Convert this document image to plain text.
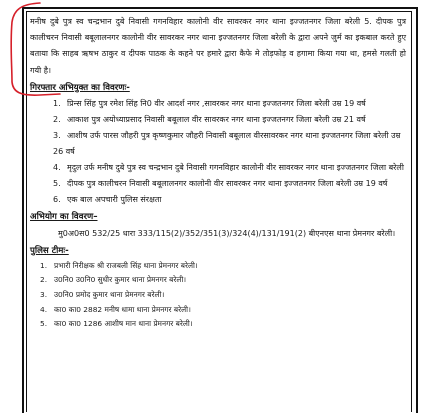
मनीष दुबे पुत्र स्व चन्द्रभान दुबे निवासी गगनविहार कालोनी वीर सावरकर नगर थाना इज्जतनगर जिला बरेली 5. दीपक पुत्र कालीचरन निवासी बबूलालनगर कालोनी वीर सावरकर नगर थाना इज्जतनगर जिला बरेली के द्वारा अपने जुर्म का इकबाल करते हुए बताया कि साहब ऋषभ ठाकुर व दीपक पाठक के कहने पर हमारे द्वारा कैफे मे तोड़फोड़ व हगामा किया गया था, हमसे गलती हो गयी है।

गिरफ्तार अभियुक्त का विवरणः-
1. प्रिन्स सिंह पुत्र रमेश सिंह नि0 वीर आदर्श नगर ,सावरकर नगर थाना इज्जतनगर जिला बरेली उम्र 19 वर्ष
2. आकाश पुत्र अयोध्याप्रसाद निवासी बबूलाल वीर सावरकर नगर थाना इज्जतनगर जिला बरेली उम्र 21 वर्ष
3. आशीष उर्फ पारस जौहरी पुत्र कृष्णकुमार जौहरी निवासी बबूलाल वीरसावरकर नगर थाना इज्जतनगर जिला बरेली उम्र 26 वर्ष
4. मृदुल उर्फ मनीष दुबे पुत्र स्व चन्द्रभान दुबे निवासी गगनविहार कालोनी वीर सावरकर नगर थाना इज्जतनगर जिला बरेली
5. दीपक पुत्र कालीचरन निवासी बबूलालनगर कालोनी वीर सावरकर नगर थाना इज्जतनगर जिला बरेली उम्र 19 वर्ष
6. एक बाल अपचारी पुलिस संरक्षता
अभियोग का विवरण–

मु0अ0स0 532/25 धारा 333/115(2)/352/351(3)/324(4)/131/191(2) बीएनएस थाना प्रेमनगर बरेली।

पुलिस टीमः-
1. प्रभारी निरीक्षक श्री राजबली सिंह थाना प्रेमनगर बरेली।
2. उ0नि0 उ0नि0 सुधीर कुमार थाना प्रेमनगर बरेली।
3. उ0नि0 प्रमोद कुमार थाना प्रेमनगर बरेली।
4. का0 का0 2882 मनीष धामा थाना प्रेमनगर बरेली।
5. का0 का0 1286 आशीष मान थाना प्रेमनगर बरेली।
